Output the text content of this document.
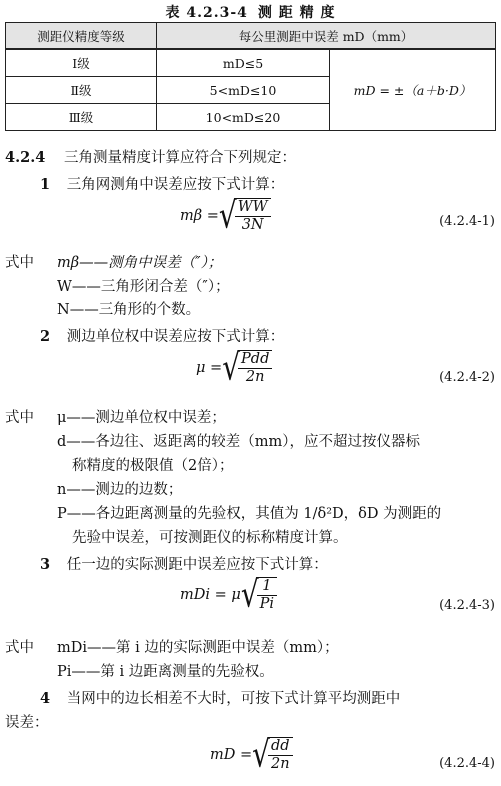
表 4.2.3-4 测 距 精 度
测距仪精度等级	每公里测距中误差 mD（mm）	
Ⅰ级	mD≤5	mD = ±（a＋b·D）
Ⅱ级	5<mD≤10	
Ⅲ级	10<mD≤20	
4.2.4 三角测量精度计算应符合下列规定：
1 三角网测角中误差应按下式计算：
mβ =√
$\frac{WW}{3N}$	(4.2.4-1)
式中 mβ——测角中误差（″）；
W——三角形闭合差（″）；
N——三角形的个数。
2 测边单位权中误差应按下式计算：
μ =√
$\frac{\text{Pdd}}{2n}$	(4.2.4-2)
式中 μ——测边单位权中误差；
d——各边往、返距离的较差（mm），应不超过按仪器标
称精度的极限值（2倍）；
n——测边的边数；
P——各边距离测量的先验权，其值为 1/δ²D，δD 为测距的
先验中误差，可按测距仪的标称精度计算。
3 任一边的实际测距中误差应按下式计算：
mDi = μ√
$\frac{1}{Pi}$	(4.2.4-3)
式中 mDi——第 i 边的实际测距中误差（mm）；
Pi——第 i 边距离测量的先验权。
4 当网中的边长相差不大时，可按下式计算平均测距中
误差：
mD =√
$\frac{dd}{2n}$	(4.2.4-4)
